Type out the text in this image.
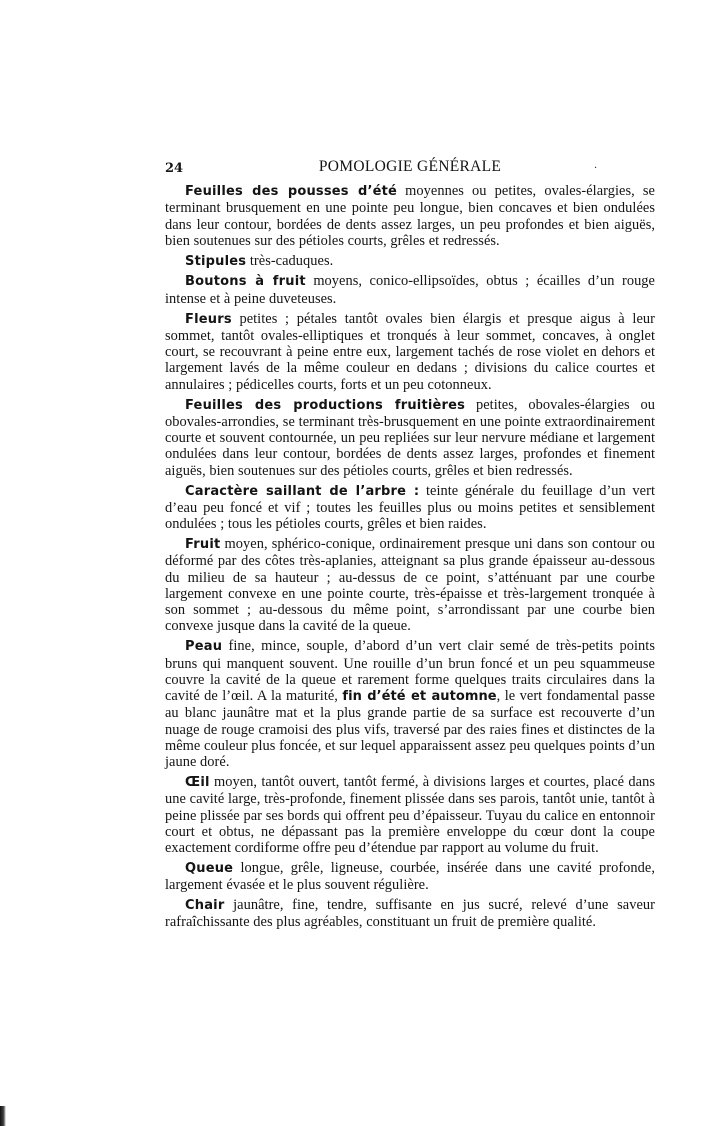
24	POMOLOGIE GÉNÉRALE	.

Feuilles des pousses d’été moyennes ou petites, ovales-élargies, se terminant brusquement en une pointe peu longue, bien concaves et bien ondulées dans leur contour, bordées de dents assez larges, un peu profondes et bien aiguës, bien soutenues sur des pétioles courts, grêles et redressés.

Stipules très-caduques.

Boutons à fruit moyens, conico-ellipsoïdes, obtus ; écailles d’un rouge intense et à peine duveteuses.

Fleurs petites ; pétales tantôt ovales bien élargis et presque aigus à leur sommet, tantôt ovales-elliptiques et tronqués à leur sommet, concaves, à onglet court, se recouvrant à peine entre eux, largement tachés de rose violet en dehors et largement lavés de la même couleur en dedans ; divisions du calice courtes et annulaires ; pédicelles courts, forts et un peu cotonneux.

Feuilles des productions fruitières petites, obovales-élargies ou obovales-arrondies, se terminant très-brusquement en une pointe extraordinairement courte et souvent contournée, un peu repliées sur leur nervure médiane et largement ondulées dans leur contour, bordées de dents assez larges, profondes et finement aiguës, bien soutenues sur des pétioles courts, grêles et bien redressés.

Caractère saillant de l’arbre : teinte générale du feuillage d’un vert d’eau peu foncé et vif ; toutes les feuilles plus ou moins petites et sensiblement ondulées ; tous les pétioles courts, grêles et bien raides.

Fruit moyen, sphérico-conique, ordinairement presque uni dans son contour ou déformé par des côtes très-aplanies, atteignant sa plus grande épaisseur au-dessous du milieu de sa hauteur ; au-dessus de ce point, s’atténuant par une courbe largement convexe en une pointe courte, très-épaisse et très-largement tronquée à son sommet ; au-dessous du même point, s’arrondissant par une courbe bien convexe jusque dans la cavité de la queue.

Peau fine, mince, souple, d’abord d’un vert clair semé de très-petits points bruns qui manquent souvent. Une rouille d’un brun foncé et un peu squammeuse couvre la cavité de la queue et rarement forme quelques traits circulaires dans la cavité de l’œil. A la maturité, fin d’été et automne, le vert fondamental passe au blanc jaunâtre mat et la plus grande partie de sa surface est recouverte d’un nuage de rouge cramoisi des plus vifs, traversé par des raies fines et distinctes de la même couleur plus foncée, et sur lequel apparaissent assez peu quelques points d’un jaune doré.

Œil moyen, tantôt ouvert, tantôt fermé, à divisions larges et courtes, placé dans une cavité large, très-profonde, finement plissée dans ses parois, tantôt unie, tantôt à peine plissée par ses bords qui offrent peu d’épaisseur. Tuyau du calice en entonnoir court et obtus, ne dépassant pas la première enveloppe du cœur dont la coupe exactement cordiforme offre peu d’étendue par rapport au volume du fruit.

Queue longue, grêle, ligneuse, courbée, insérée dans une cavité profonde, largement évasée et le plus souvent régulière.

Chair jaunâtre, fine, tendre, suffisante en jus sucré, relevé d’une saveur rafraîchissante des plus agréables, constituant un fruit de première qualité.
